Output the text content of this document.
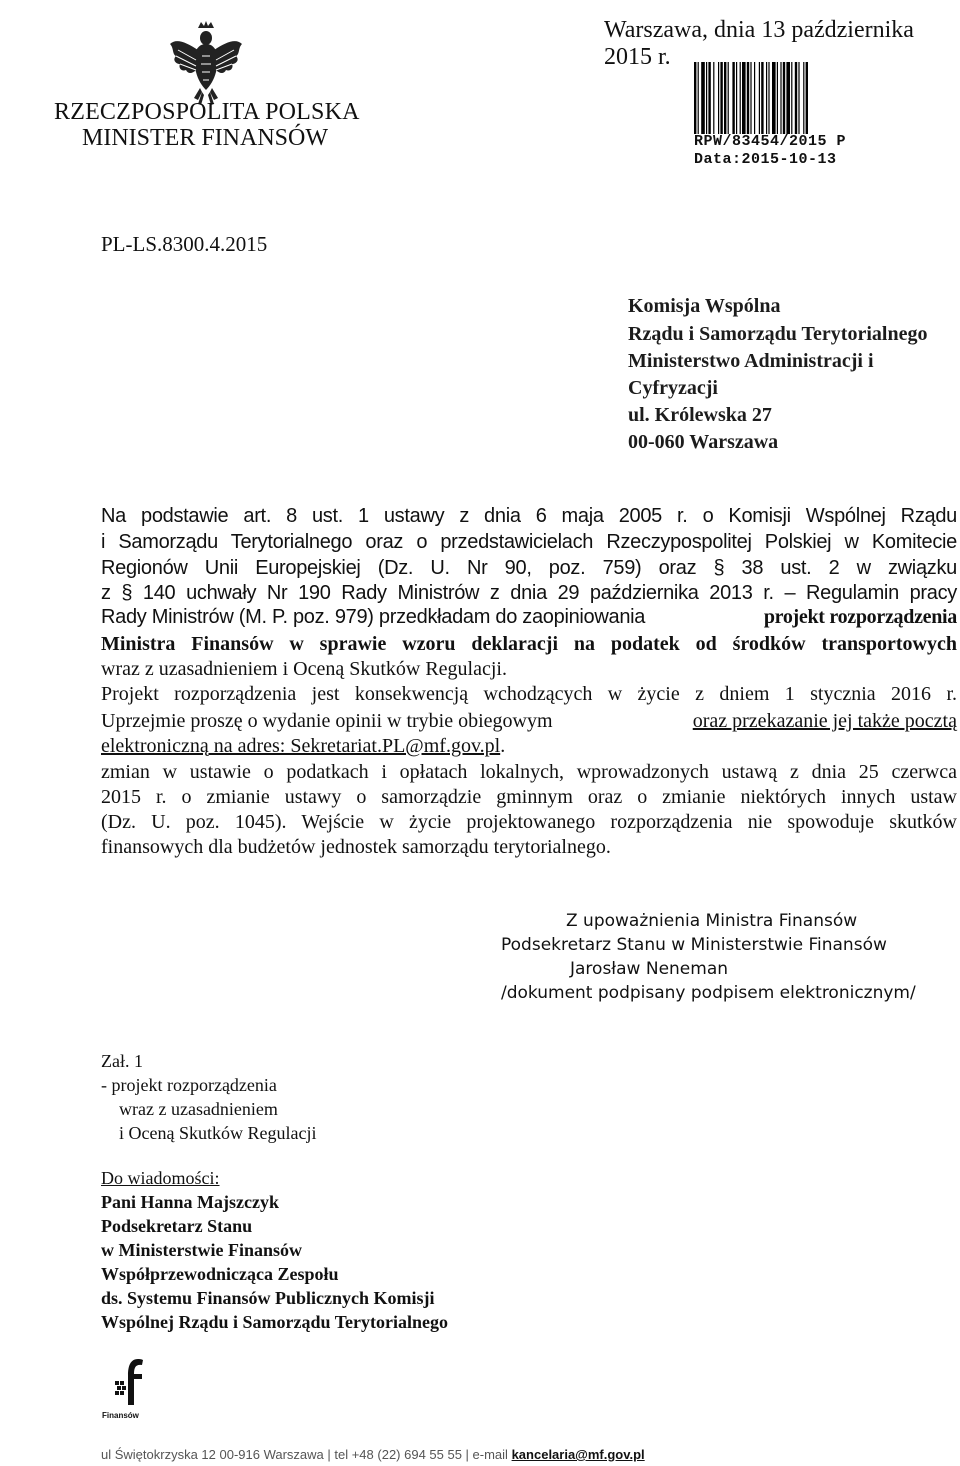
RZECZPOSPOLITA POLSKA
MINISTER FINANSÓW
Warszawa, dnia 13 października 2015 r.
RPW/83454/2015 P
Data:2015-10-13
PL-LS.8300.4.2015
Komisja Wspólna
Rządu i Samorządu Terytorialnego
Ministerstwo Administracji i
Cyfryzacji
ul. Królewska 27
00-060 Warszawa
Na podstawie art. 8 ust. 1 ustawy z dnia 6 maja 2005 r. o Komisji Wspólnej Rządu
i Samorządu Terytorialnego oraz o przedstawicielach Rzeczypospolitej Polskiej w Komitecie
Regionów Unii Europejskiej (Dz. U. Nr 90, poz. 759) oraz § 38 ust. 2 w związku
z § 140 uchwały Nr 190 Rady Ministrów z dnia 29 października 2013 r. – Regulamin pracy
Rady Ministrów (M. P. poz. 979) przedkładam do zaopiniowania	projekt rozporządzenia
Ministra Finansów w sprawie wzoru deklaracji na podatek od środków transportowych
wraz z uzasadnieniem i Oceną Skutków Regulacji.
Uprzejmie proszę o wydanie opinii w trybie obiegowym	oraz przekazanie jej także pocztą
elektroniczną na adres: Sekretariat.PL@mf.gov.pl.
Projekt rozporządzenia jest konsekwencją wchodzących w życie z dniem 1 stycznia 2016 r.
zmian w ustawie o podatkach i opłatach lokalnych, wprowadzonych ustawą z dnia 25 czerwca
2015 r. o zmianie ustawy o samorządzie gminnym oraz o zmianie niektórych innych ustaw
(Dz. U. poz. 1045). Wejście w życie projektowanego rozporządzenia nie spowoduje skutków
finansowych dla budżetów jednostek samorządu terytorialnego.
Z upoważnienia Ministra Finansów
Podsekretarz Stanu w Ministerstwie Finansów
Jarosław Neneman
/dokument podpisany podpisem elektronicznym/
Zał. 1
- projekt rozporządzenia
wraz z uzasadnieniem
i Oceną Skutków Regulacji
Do wiadomości:
Pani Hanna Majszczyk
Podsekretarz Stanu
w Ministerstwie Finansów
Współprzewodnicząca Zespołu
ds. Systemu Finansów Publicznych Komisji
Wspólnej Rządu i Samorządu Terytorialnego
Finansów
ul Świętokrzyska 12 00-916 Warszawa | tel +48 (22) 694 55 55 | e-mail kancelaria@mf.gov.pl
